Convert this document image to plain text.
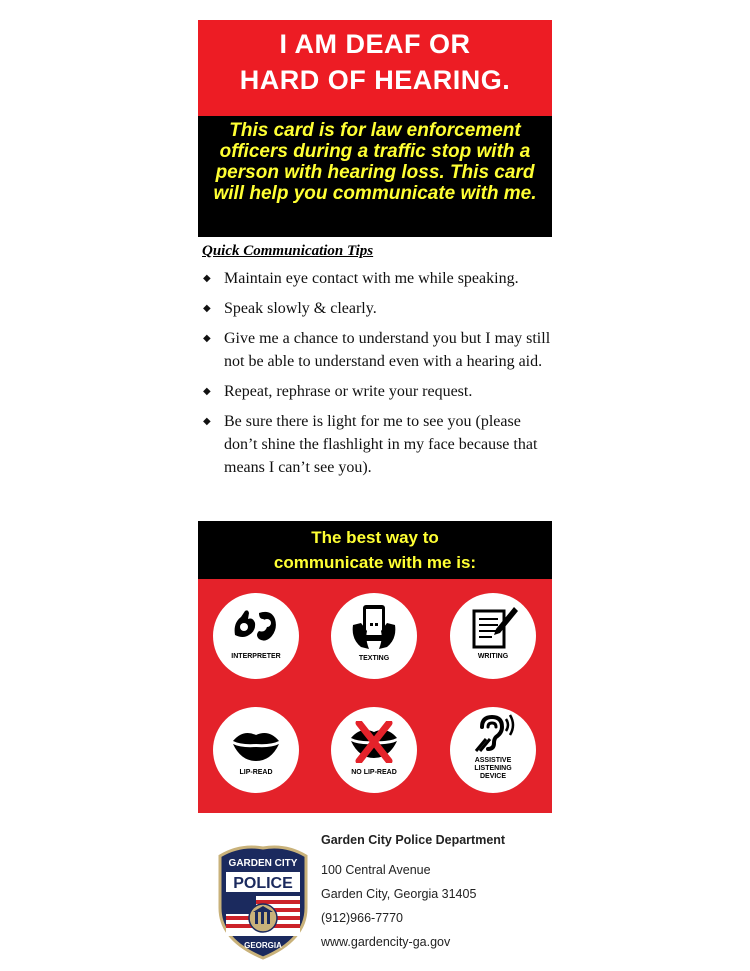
I AM DEAF OR
HARD OF HEARING.
This card is for law enforcement officers during a traffic stop with a person with hearing loss. This card will help you communicate with me.
Quick Communication Tips
◆ Maintain eye contact with me while speaking.
◆ Speak slowly & clearly.
◆ Give me a chance to understand you but I may still not be able to understand even with a hearing aid.
◆ Repeat, rephrase or write your request.
◆ Be sure there is light for me to see you (please don’t shine the flashlight in my face because that means I can’t see you).
The best way to
communicate with me is:
INTERPRETER	TEXTING	WRITING
LIP-READ	NO LIP-READ
ASSISTIVE
LISTENING
DEVICE
GARDEN CITY
POLICE
GEORGIA
Garden City Police Department
100 Central Avenue
Garden City, Georgia 31405
(912)966-7770
www.gardencity-ga.gov
